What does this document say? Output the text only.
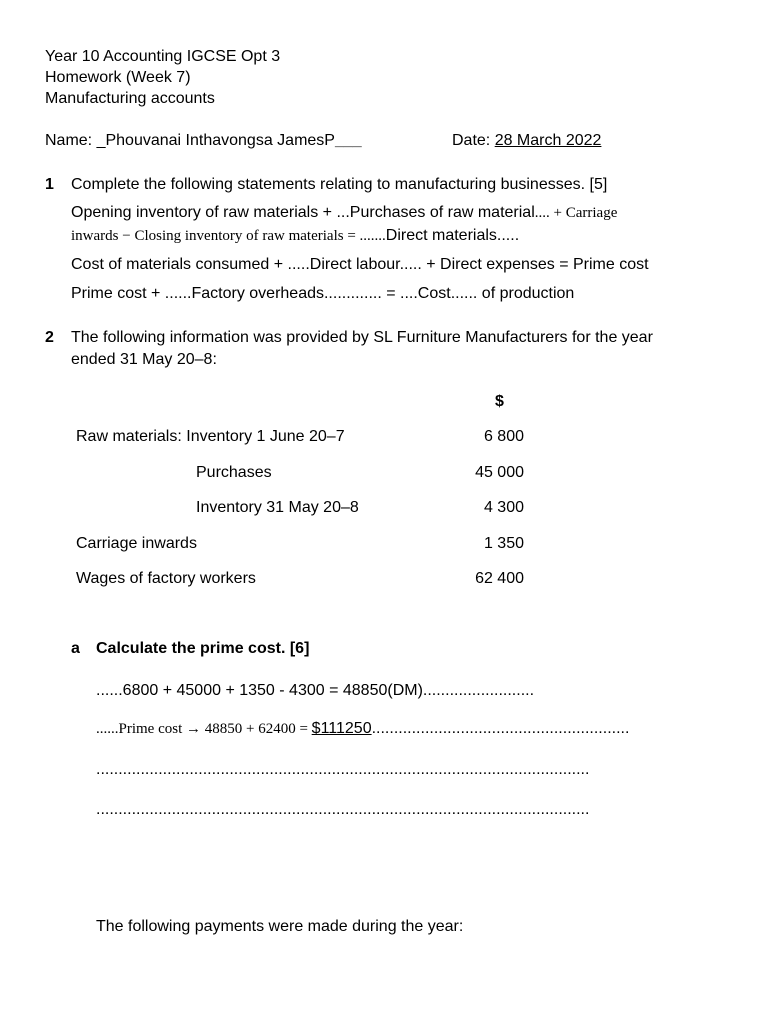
Year 10 Accounting IGCSE Opt 3
Homework (Week 7)
Manufacturing accounts
Name: _Phouvanai Inthavongsa JamesP___	Date: 28 March 2022
1 Complete the following statements relating to manufacturing businesses. [5]
Opening inventory of raw materials + ...Purchases of raw material.... + Carriage
inwards − Closing inventory of raw materials = .......Direct materials.....
Cost of materials consumed + .....Direct labour..... + Direct expenses = Prime cost
Prime cost + ......Factory overheads............. = ....Cost...... of production
2 The following information was provided by SL Furniture Manufacturers for the year
ended 31 May 20–8:
$
Raw materials: Inventory 1 June 20–7	6 800
Purchases	45 000
Inventory 31 May 20–8	4 300
Carriage inwards	1 350
Wages of factory workers	62 400
a Calculate the prime cost. [6]
......6800 + 45000 + 1350 - 4300 = 48850(DM).........................
......Prime cost → 48850 + 62400 = $111250..........................................................
...............................................................................................................
...............................................................................................................
The following payments were made during the year:
